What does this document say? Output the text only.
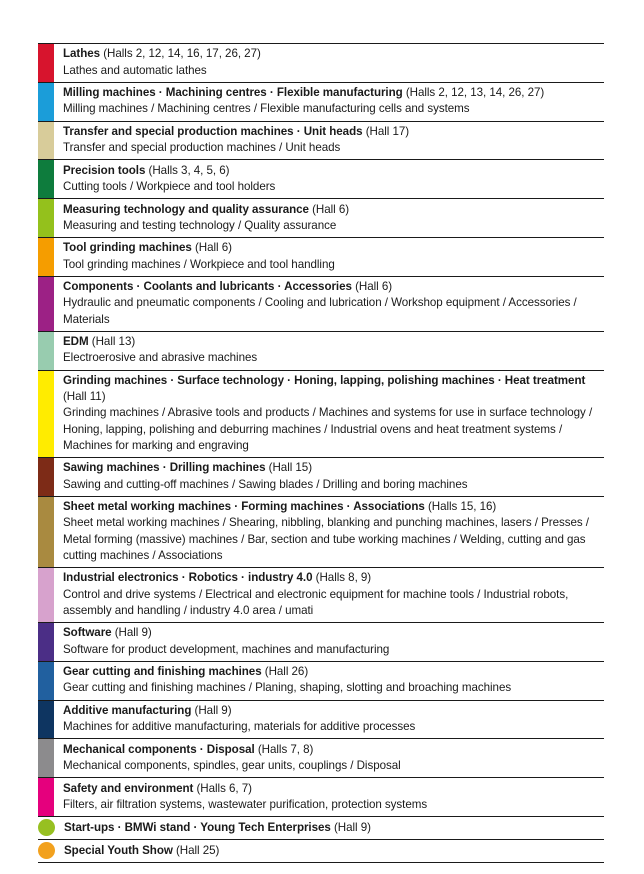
Lathes (Halls 2, 12, 14, 16, 17, 26, 27)

Lathes and automatic lathes

Milling machines · Machining centres · Flexible manufacturing (Halls 2, 12, 13, 14, 26, 27)

Milling machines / Machining centres / Flexible manufacturing cells and systems

Transfer and special production machines · Unit heads (Hall 17)

Transfer and special production machines / Unit heads

Precision tools (Halls 3, 4, 5, 6)

Cutting tools / Workpiece and tool holders

Measuring technology and quality assurance (Hall 6)

Measuring and testing technology / Quality assurance

Tool grinding machines (Hall 6)

Tool grinding machines / Workpiece and tool handling

Components · Coolants and lubricants · Accessories (Hall 6)

Hydraulic and pneumatic components / Cooling and lubrication / Workshop equipment / Accessories / Materials

EDM (Hall 13)

Electroerosive and abrasive machines

Grinding machines · Surface technology · Honing, lapping, polishing machines · Heat treatment (Hall 11)

Grinding machines / Abrasive tools and products / Machines and systems for use in surface technology / Honing, lapping, polishing and deburring machines / Industrial ovens and heat treatment systems / Machines for marking and engraving

Sawing machines · Drilling machines (Hall 15)

Sawing and cutting-off machines / Sawing blades / Drilling and boring machines

Sheet metal working machines · Forming machines · Associations (Halls 15, 16)

Sheet metal working machines / Shearing, nibbling, blanking and punching machines, lasers / Presses / Metal forming (massive) machines / Bar, section and tube working machines / Welding, cutting and gas cutting machines / Associations

Industrial electronics · Robotics · industry 4.0 (Halls 8, 9)

Control and drive systems / Electrical and electronic equipment for machine tools / Industrial robots, assembly and handling / industry 4.0 area / umati

Software (Hall 9)

Software for product development, machines and manufacturing

Gear cutting and finishing machines (Hall 26)

Gear cutting and finishing machines / Planing, shaping, slotting and broaching machines

Additive manufacturing (Hall 9)

Machines for additive manufacturing, materials for additive processes

Mechanical components · Disposal (Halls 7, 8)

Mechanical components, spindles, gear units, couplings / Disposal

Safety and environment (Halls 6, 7)

Filters, air filtration systems, wastewater purification, protection systems

Start-ups · BMWi stand · Young Tech Enterprises (Hall 9)

Special Youth Show (Hall 25)
